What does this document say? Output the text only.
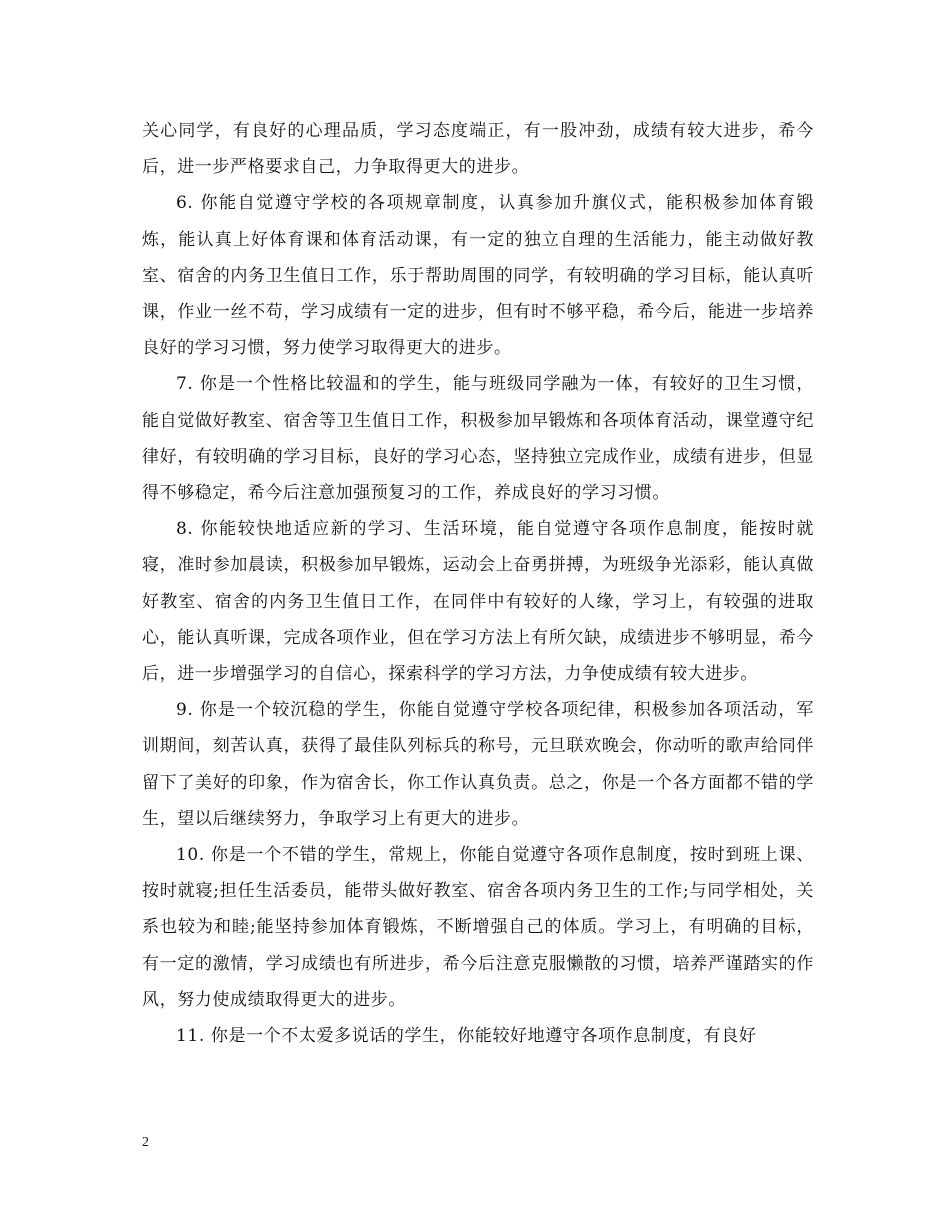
关心同学，有良好的心理品质，学习态度端正，有一股冲劲，成绩有较大进步，希今后，进一步严格要求自己，力争取得更大的进步。

6. 你能自觉遵守学校的各项规章制度，认真参加升旗仪式，能积极参加体育锻炼，能认真上好体育课和体育活动课，有一定的独立自理的生活能力，能主动做好教室、宿舍的内务卫生值日工作，乐于帮助周围的同学，有较明确的学习目标，能认真听课，作业一丝不苟，学习成绩有一定的进步，但有时不够平稳，希今后，能进一步培养良好的学习习惯，努力使学习取得更大的进步。

7. 你是一个性格比较温和的学生，能与班级同学融为一体，有较好的卫生习惯，能自觉做好教室、宿舍等卫生值日工作，积极参加早锻炼和各项体育活动，课堂遵守纪律好，有较明确的学习目标，良好的学习心态，坚持独立完成作业，成绩有进步，但显得不够稳定，希今后注意加强预复习的工作，养成良好的学习习惯。

8. 你能较快地适应新的学习、生活环境，能自觉遵守各项作息制度，能按时就寝，准时参加晨读，积极参加早锻炼，运动会上奋勇拼搏，为班级争光添彩，能认真做好教室、宿舍的内务卫生值日工作，在同伴中有较好的人缘，学习上，有较强的进取心，能认真听课，完成各项作业，但在学习方法上有所欠缺，成绩进步不够明显，希今后，进一步增强学习的自信心，探索科学的学习方法，力争使成绩有较大进步。

9. 你是一个较沉稳的学生，你能自觉遵守学校各项纪律，积极参加各项活动，军训期间，刻苦认真，获得了最佳队列标兵的称号，元旦联欢晚会，你动听的歌声给同伴留下了美好的印象，作为宿舍长，你工作认真负责。总之，你是一个各方面都不错的学生，望以后继续努力，争取学习上有更大的进步。

10. 你是一个不错的学生，常规上，你能自觉遵守各项作息制度，按时到班上课、按时就寝;担任生活委员，能带头做好教室、宿舍各项内务卫生的工作;与同学相处，关系也较为和睦;能坚持参加体育锻炼，不断增强自己的体质。学习上，有明确的目标，有一定的激情，学习成绩也有所进步，希今后注意克服懒散的习惯，培养严谨踏实的作风，努力使成绩取得更大的进步。

11. 你是一个不太爱多说话的学生，你能较好地遵守各项作息制度，有良好

2
